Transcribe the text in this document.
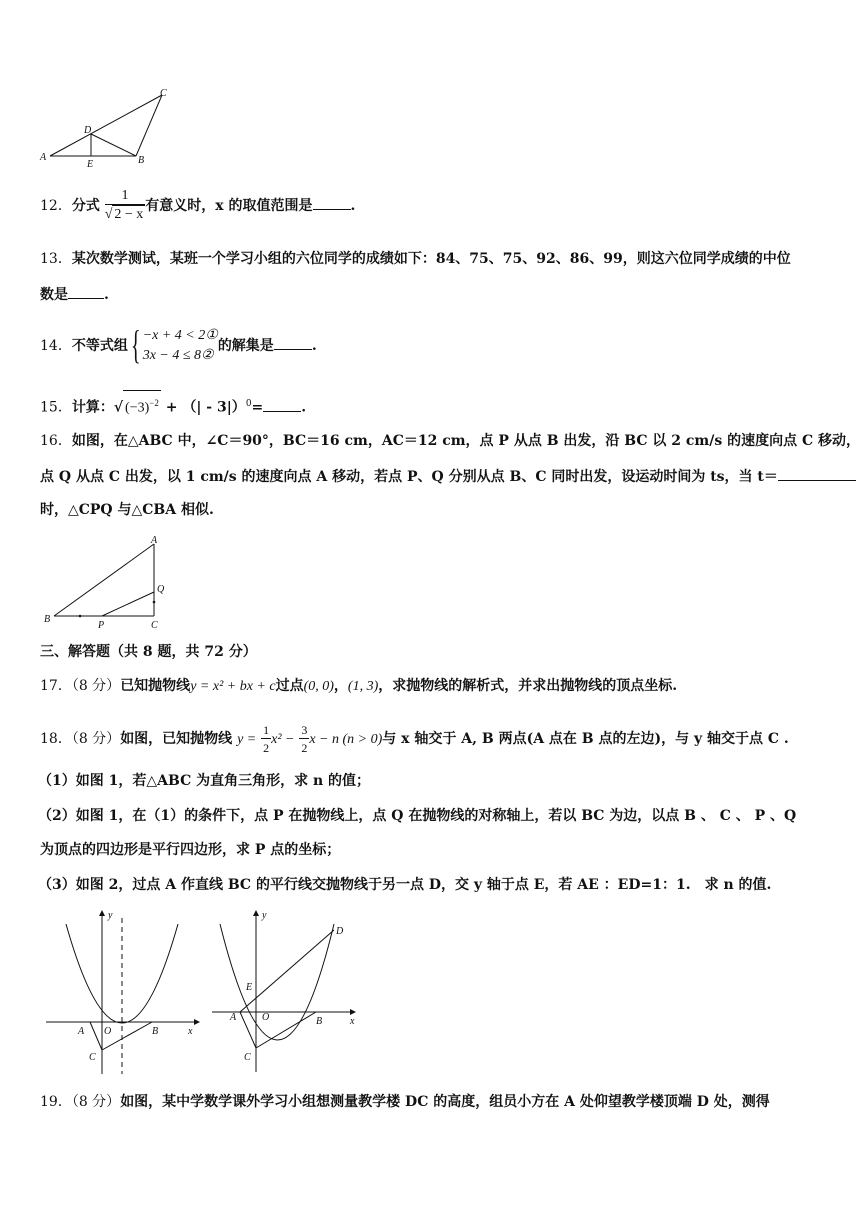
A	B
C
D
E
12．分式 $\frac{1}{√ 2 - x}$ 有意义时，x 的取值范围是	.
13．某次数学测试，某班一个学习小组的六位同学的成绩如下：84、75、75、92、86、99，则这六位同学成绩的中位
数是	.
14．不等式组 { −x + 4 < 2①
3x − 4 ≤ 8②
的解集是	.
15．计算：√ $(-3)^{-2}$ + （| - 3|）$^0$=	.
16．如图，在△ABC 中，∠C＝90°，BC＝16 cm，AC＝12 cm，点 P 从点 B 出发，沿 BC 以 2 cm/s 的速度向点 C 移动，
点 Q 从点 C 出发，以 1 cm/s 的速度向点 A 移动，若点 P、Q 分别从点 B、C 同时出发，设运动时间为 ts，当 t＝
时，△CPQ 与△CBA 相似.
A
B
C
P
Q
三、解答题（共 8 题，共 72 分）
17．（8 分）已知抛物线y = x² + bx + c过点(0, 0)，(1, 3)，求抛物线的解析式，并求出抛物线的顶点坐标.
18．（8 分）如图，已知抛物线 $y = \frac{1}{2} x^2 - \frac{3}{2}$ x − n (n > 0)与 x 轴交于 A, B 两点(A 点在 B 点的左边)，与 y 轴交于点 C .
（1）如图 1，若△ABC 为直角三角形，求 n 的值；
（2）如图 1，在（1）的条件下，点 P 在抛物线上，点 Q 在抛物线的对称轴上，若以 BC 为边，以点 B 、 C 、 P 、Q
为顶点的四边形是平行四边形，求 P 点的坐标；
（3）如图 2，过点 A 作直线 BC 的平行线交抛物线于另一点 D，交 y 轴于点 E，若 AE ：ED=1：1.　求 n 的值.
y
x
A O	B
C
y
x
A	O	B
C
D
E
19．（8 分）如图，某中学数学课外学习小组想测量教学楼 DC 的高度，组员小方在 A 处仰望教学楼顶端 D 处，测得
